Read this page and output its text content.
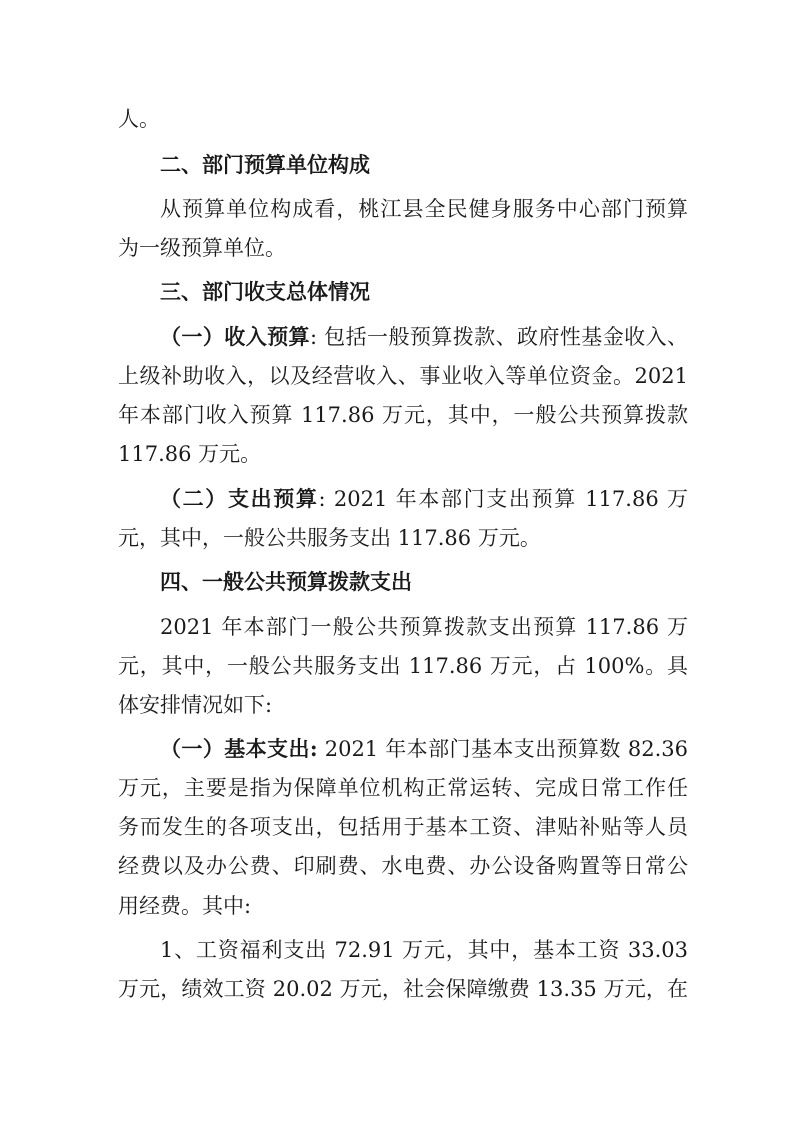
人。
二、部门预算单位构成
从预算单位构成看，桃江县全民健身服务中心部门预算
为一级预算单位。
三、部门收支总体情况
（一）收入预算: 包括一般预算拨款、政府性基金收入、
上级补助收入，以及经营收入、事业收入等单位资金。2021
年本部门收入预算 117.86 万元，其中，一般公共预算拨款
117.86 万元。
（二）支出预算: 2021 年本部门支出预算 117.86 万
元，其中，一般公共服务支出 117.86 万元。
四、一般公共预算拨款支出
2021 年本部门一般公共预算拨款支出预算 117.86 万
元，其中，一般公共服务支出 117.86 万元，占 100%。具
体安排情况如下:
（一）基本支出: 2021 年本部门基本支出预算数 82.36
万元，主要是指为保障单位机构正常运转、完成日常工作任
务而发生的各项支出，包括用于基本工资、津贴补贴等人员
经费以及办公费、印刷费、水电费、办公设备购置等日常公
用经费。其中:
1、工资福利支出 72.91 万元，其中，基本工资 33.03
万元，绩效工资 20.02 万元，社会保障缴费 13.35 万元，在
